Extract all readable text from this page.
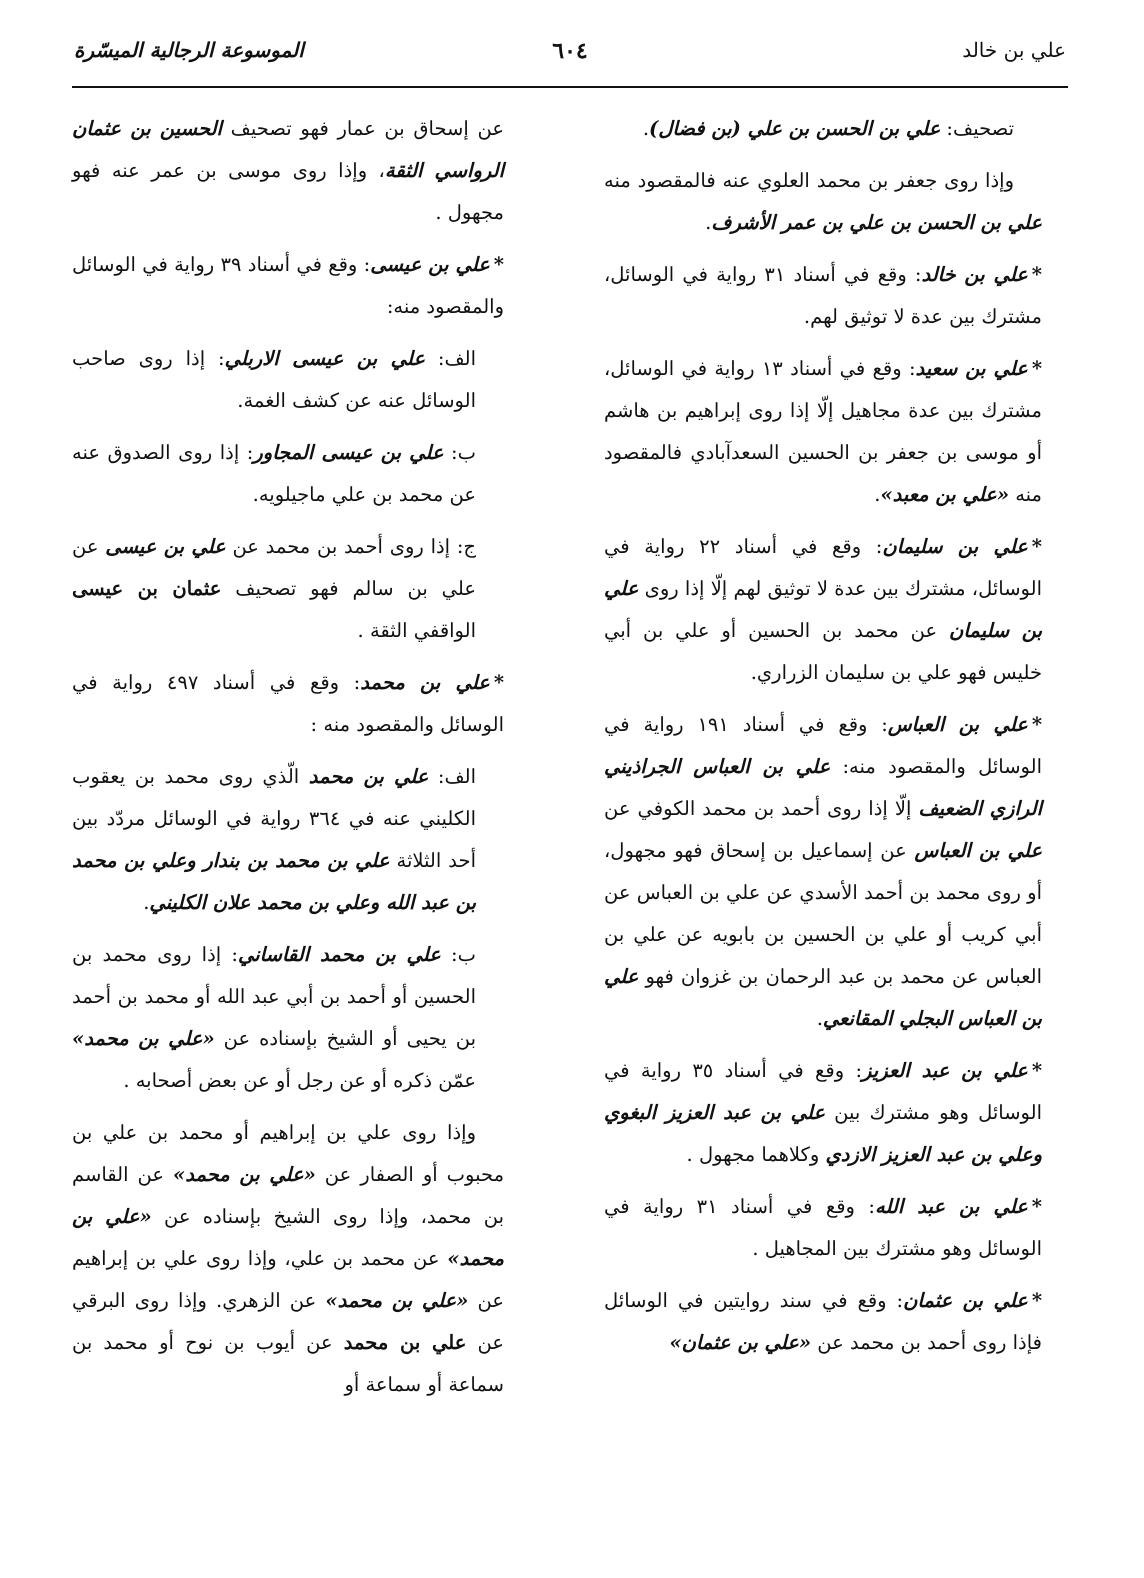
علي بن خالد
٦٠٤
الموسوعة الرجالية الميسّرة

تصحيف: علي بن الحسن بن علي (بن فضال).

وإذا روى جعفر بن محمد العلوي عنه فالمقصود منه علي بن الحسن بن علي بن عمر الأشرف.

*علي بن خالد: وقع في أسناد ٣١ رواية في الوسائل، مشترك بين عدة لا توثيق لهم.

*علي بن سعيد: وقع في أسناد ١٣ رواية في الوسائل، مشترك بين عدة مجاهيل إلّا إذا روى إبراهيم بن هاشم أو موسى بن جعفر بن الحسين السعدآبادي فالمقصود منه «علي بن معبد».

*علي بن سليمان: وقع في أسناد ٢٢ رواية في الوسائل، مشترك بين عدة لا توثيق لهم إلّا إذا روى علي بن سليمان عن محمد بن الحسين أو علي بن أبي خليس فهو علي بن سليمان الزراري.

*علي بن العباس: وقع في أسناد ١٩١ رواية في الوسائل والمقصود منه: علي بن العباس الجراذيني الرازي الضعيف إلّا إذا روى أحمد بن محمد الكوفي عن علي بن العباس عن إسماعيل بن إسحاق فهو مجهول، أو روى محمد بن أحمد الأسدي عن علي بن العباس عن أبي كريب أو علي بن الحسين بن بابويه عن علي بن العباس عن محمد بن عبد الرحمان بن غزوان فهو علي بن العباس البجلي المقانعي.

*علي بن عبد العزيز: وقع في أسناد ٣٥ رواية في الوسائل وهو مشترك بين علي بن عبد العزيز البغوي وعلي بن عبد العزيز الازدي وكلاهما مجهول .

*علي بن عبد الله: وقع في أسناد ٣١ رواية في الوسائل وهو مشترك بين المجاهيل .

*علي بن عثمان: وقع في سند روايتين في الوسائل فإذا روى أحمد بن محمد عن «علي بن عثمان»

عن إسحاق بن عمار فهو تصحيف الحسين بن عثمان الرواسي الثقة، وإذا روى موسى بن عمر عنه فهو مجهول .

*علي بن عيسى: وقع في أسناد ٣٩ رواية في الوسائل والمقصود منه:

الف: علي بن عيسى الاربلي: إذا روى صاحب الوسائل عنه عن كشف الغمة.

ب: علي بن عيسى المجاور: إذا روى الصدوق عنه عن محمد بن علي ماجيلويه.

ج: إذا روى أحمد بن محمد عن علي بن عيسى عن علي بن سالم فهو تصحيف عثمان بن عيسى الواقفي الثقة .

*علي بن محمد: وقع في أسناد ٤٩٧ رواية في الوسائل والمقصود منه :

الف: علي بن محمد الّذي روى محمد بن يعقوب الكليني عنه في ٣٦٤ رواية في الوسائل مردّد بين أحد الثلاثة علي بن محمد بن بندار وعلي بن محمد بن عبد الله وعلي بن محمد علان الكليني.

ب: علي بن محمد القاساني: إذا روى محمد بن الحسين أو أحمد بن أبي عبد الله أو محمد بن أحمد بن يحيى أو الشيخ بإسناده عن «علي بن محمد» عمّن ذكره أو عن رجل أو عن بعض أصحابه .

وإذا روى علي بن إبراهيم أو محمد بن علي بن محبوب أو الصفار عن «علي بن محمد» عن القاسم بن محمد، وإذا روى الشيخ بإسناده عن «علي بن محمد» عن محمد بن علي، وإذا روى علي بن إبراهيم عن «علي بن محمد» عن الزهري. وإذا روى البرقي عن علي بن محمد عن أيوب بن نوح أو محمد بن سماعة أو سماعة أو
